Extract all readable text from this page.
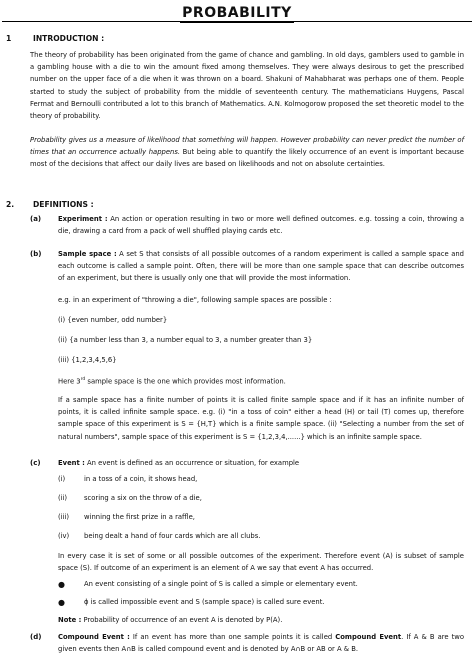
PROBABILITY
1	INTRODUCTION :
The theory of probability has been originated from the game of chance and gambling. In old days, gamblers used to gamble in a gambling house with a die to win the amount fixed among themselves. They were always desirous to get the prescribed number on the upper face of a die when it was thrown on a board. Shakuni of Mahabharat was perhaps one of them. People started to study the subject of probability from the middle of seventeenth century. The mathematicians Huygens, Pascal Fermat and Bernoulli contributed a lot to this branch of Mathematics. A.N. Kolmogorow proposed the set theoretic model to the theory of probability.
Probability gives us a measure of likelihood that something will happen. However probability can never predict the number of times that an occurrence actually happens. But being able to quantify the likely occurrence of an event is important because most of the decisions that affect our daily lives are based on likelihoods and not on absolute certainties.
2. DEFINITIONS :
(a) Experiment : An action or operation resulting in two or more well defined outcomes. e.g. tossing a coin, throwing a die, drawing a card from a pack of well shuffled playing cards etc.
(b) Sample space : A set S that consists of all possible outcomes of a random experiment is called a sample space and each outcome is called a sample point. Often, there will be more than one sample space that can describe outcomes of an experiment, but there is usually only one that will provide the most information.
e.g. in an experiment of "throwing a die", following sample spaces are possible :
(i) {even number, odd number}
(ii) {a number less than 3, a number equal to 3, a number greater than 3}
(iii) {1,2,3,4,5,6}
Here 3rd sample space is the one which provides most information.
If a sample space has a finite number of points it is called finite sample space and if it has an infinite number of points, it is called infinite sample space. e.g. (i) "in a toss of coin" either a head (H) or tail (T) comes up, therefore sample space of this experiment is S = {H,T} which is a finite sample space. (ii) "Selecting a number from the set of natural numbers", sample space of this experiment is S = {1,2,3,4,......} which is an infinite sample space.
(c)	Event : An event is defined as an occurrence or situation, for example
(i)	in a toss of a coin, it shows head,
(ii) scoring a six on the throw of a die,
(iii) winning the first prize in a raffle,
(iv) being dealt a hand of four cards which are all clubs.
In every case it is set of some or all possible outcomes of the experiment. Therefore event (A) is subset of sample space (S). If outcome of an experiment is an element of A we say that event A has occurred.
●	An event consisting of a single point of S is called a simple or elementary event.
●	ϕ is called impossible event and S (sample space) is called sure event.
Note : Probability of occurrence of an event A is denoted by P(A).
(d) Compound Event : If an event has more than one sample points it is called Compound Event. If A & B are two given events then A∩B is called compound event and is denoted by A∩B or AB or A & B.
